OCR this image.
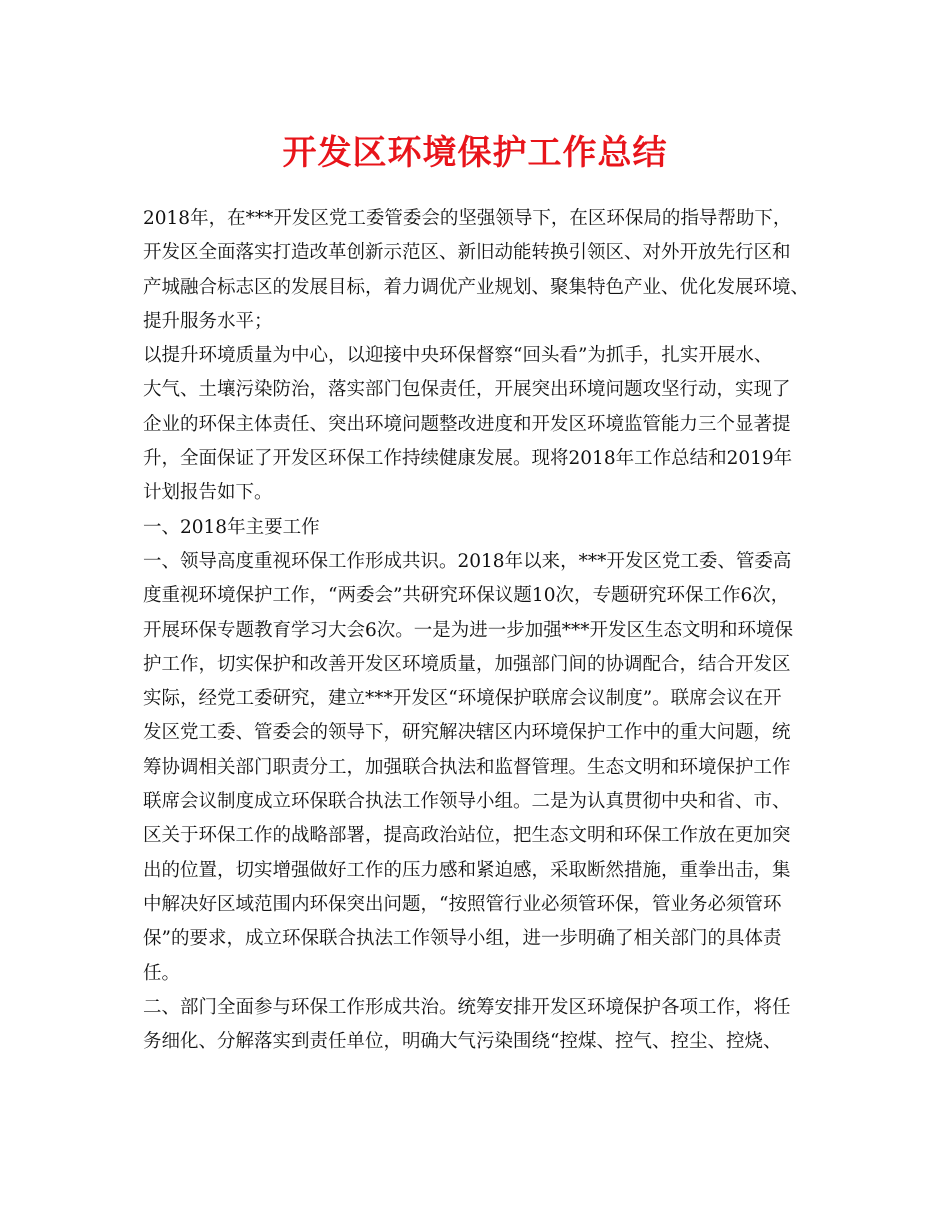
开发区环境保护工作总结
2018年，在***开发区党工委管委会的坚强领导下，在区环保局的指导帮助下，
开发区全面落实打造改革创新示范区、新旧动能转换引领区、对外开放先行区和
产城融合标志区的发展目标，着力调优产业规划、聚集特色产业、优化发展环境、
提升服务水平；
以提升环境质量为中心，以迎接中央环保督察“回头看”为抓手，扎实开展水、
大气、土壤污染防治，落实部门包保责任，开展突出环境问题攻坚行动，实现了
企业的环保主体责任、突出环境问题整改进度和开发区环境监管能力三个显著提
升，全面保证了开发区环保工作持续健康发展。现将2018年工作总结和2019年
计划报告如下。
一、2018年主要工作
一、领导高度重视环保工作形成共识。2018年以来，***开发区党工委、管委高
度重视环境保护工作，“两委会”共研究环保议题10次，专题研究环保工作6次，
开展环保专题教育学习大会6次。一是为进一步加强***开发区生态文明和环境保
护工作，切实保护和改善开发区环境质量，加强部门间的协调配合，结合开发区
实际，经党工委研究，建立***开发区“环境保护联席会议制度”。联席会议在开
发区党工委、管委会的领导下，研究解决辖区内环境保护工作中的重大问题，统
筹协调相关部门职责分工，加强联合执法和监督管理。生态文明和环境保护工作
联席会议制度成立环保联合执法工作领导小组。二是为认真贯彻中央和省、市、
区关于环保工作的战略部署，提高政治站位，把生态文明和环保工作放在更加突
出的位置，切实增强做好工作的压力感和紧迫感，采取断然措施，重拳出击，集
中解决好区域范围内环保突出问题，“按照管行业必须管环保，管业务必须管环
保”的要求，成立环保联合执法工作领导小组，进一步明确了相关部门的具体责
任。
二、部门全面参与环保工作形成共治。统筹安排开发区环境保护各项工作，将任
务细化、分解落实到责任单位，明确大气污染围绕“控煤、控气、控尘、控烧、
